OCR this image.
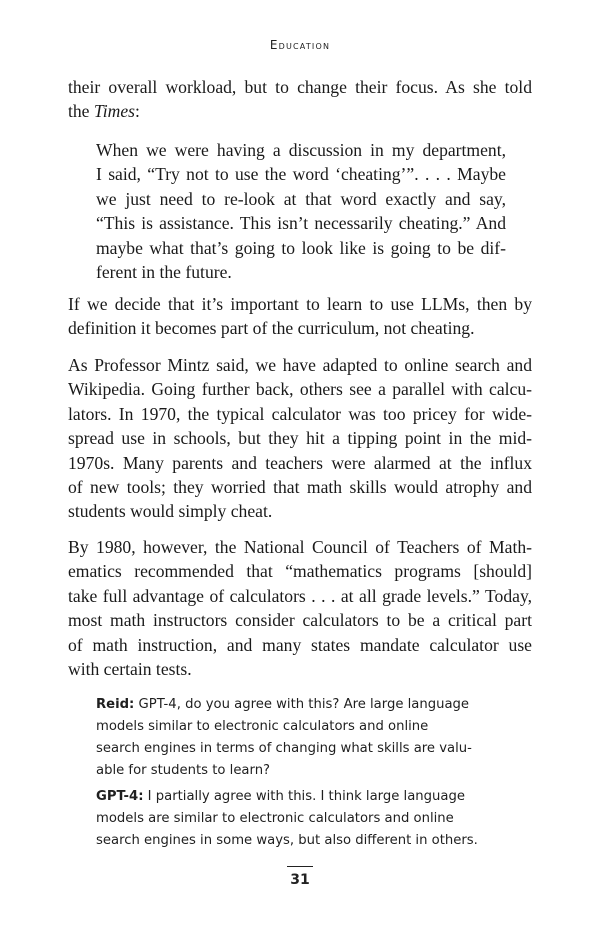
Education

their overall workload, but to change their focus. As she told
the Times:

When we were having a discussion in my department,
I said, “Try not to use the word ‘cheating’”. . . . Maybe
we just need to re-look at that word exactly and say,
“This is assistance. This isn’t necessarily cheating.” And
maybe what that’s going to look like is going to be dif-
ferent in the future.

If we decide that it’s important to learn to use LLMs, then by
definition it becomes part of the curriculum, not cheating.

As Professor Mintz said, we have adapted to online search and
Wikipedia. Going further back, others see a parallel with calcu-
lators. In 1970, the typical calculator was too pricey for wide-
spread use in schools, but they hit a tipping point in the mid-
1970s. Many parents and teachers were alarmed at the influx
of new tools; they worried that math skills would atrophy and
students would simply cheat.

By 1980, however, the National Council of Teachers of Math-
ematics recommended that “mathematics programs [should]
take full advantage of calculators . . . at all grade levels.” Today,
most math instructors consider calculators to be a critical part
of math instruction, and many states mandate calculator use
with certain tests.

Reid: GPT-4, do you agree with this? Are large language
models similar to electronic calculators and online
search engines in terms of changing what skills are valu-
able for students to learn?

GPT-4: I partially agree with this. I think large language
models are similar to electronic calculators and online
search engines in some ways, but also different in others.

31
